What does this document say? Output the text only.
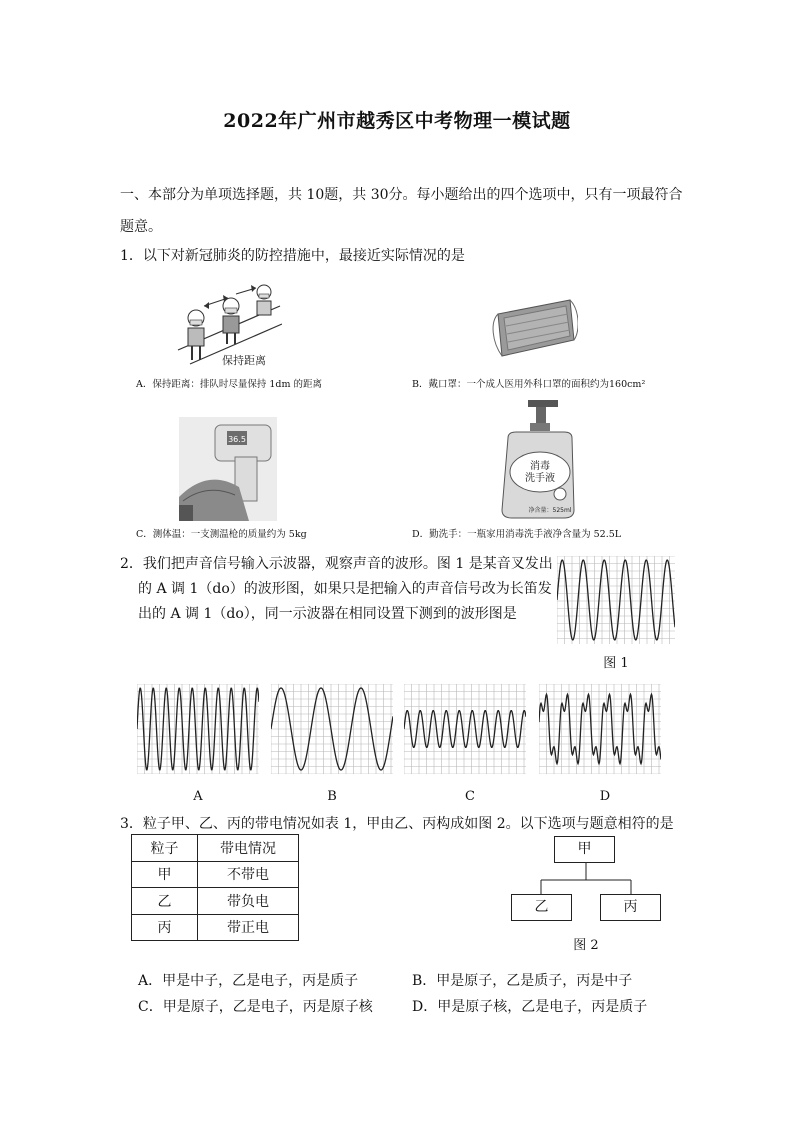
2022年广州市越秀区中考物理一模试题
一、本部分为单项选择题，共 10题，共 30分。每小题给出的四个选项中，只有一项最符合
题意。
1．以下对新冠肺炎的防控措施中，最接近实际情况的是
保持距离
A．保持距离：排队时尽量保持 1dm 的距离	B．戴口罩：一个成人医用外科口罩的面积约为160cm²
36.5
消毒
洗手液
净含量：525ml
C．测体温：一支测温枪的质量约为 5kg	D．勤洗手：一瓶家用消毒洗手液净含量为 52.5L
2．我们把声音信号输入示波器，观察声音的波形。图 1 是某音叉发出
的 A 调 1（do）的波形图，如果只是把输入的声音信号改为长笛发
出的 A 调 1（do），同一示波器在相同设置下测到的波形图是
图 1
A	B	C	D
3．粒子甲、乙、丙的带电情况如表 1，甲由乙、丙构成如图 2。以下选项与题意相符的是
粒子	带电情况
甲	不带电
乙	带负电
丙	带正电
甲
乙	丙
图 2
A．甲是中子，乙是电子，丙是质子	B．甲是原子，乙是质子，丙是中子
C．甲是原子，乙是电子，丙是原子核	D．甲是原子核，乙是电子，丙是质子
